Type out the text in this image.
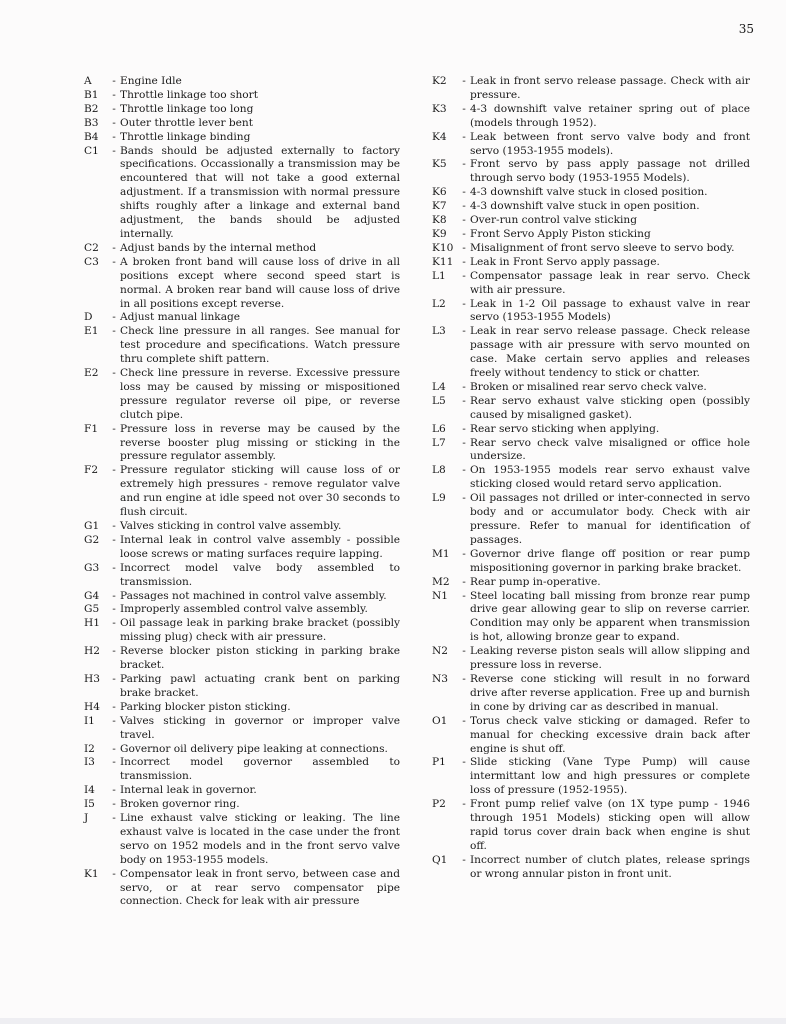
35
A	- Engine Idle
B1	- Throttle linkage too short
B2	- Throttle linkage too long
B3	- Outer throttle lever bent
B4	- Throttle linkage binding
C1	- Bands should be adjusted externally to factory specifications. Occassionally a transmission may be encountered that will not take a good external adjustment. If a transmission with normal pressure shifts roughly after a linkage and external band adjustment, the bands should be adjusted internally.
C2	- Adjust bands by the internal method
C3	- A broken front band will cause loss of drive in all positions except where second speed start is normal. A broken rear band will cause loss of drive in all positions except reverse.
D	- Adjust manual linkage
E1	- Check line pressure in all ranges. See manual for test procedure and specifications. Watch pressure thru complete shift pattern.
E2	- Check line pressure in reverse. Excessive pressure loss may be caused by missing or mispositioned pressure regulator reverse oil pipe, or reverse clutch pipe.
F1	- Pressure loss in reverse may be caused by the reverse booster plug missing or sticking in the pressure regulator assembly.
F2	- Pressure regulator sticking will cause loss of or extremely high pressures - remove regulator valve and run engine at idle speed not over 30 seconds to flush circuit.
G1	- Valves sticking in control valve assembly.
G2	- Internal leak in control valve assembly - possible loose screws or mating surfaces require lapping.
G3	- Incorrect model valve body assembled to transmission.
G4	- Passages not machined in control valve assembly.
G5	- Improperly assembled control valve assembly.
H1	- Oil passage leak in parking brake bracket (possibly missing plug) check with air pressure.
H2	- Reverse blocker piston sticking in parking brake bracket.
H3	- Parking pawl actuating crank bent on parking brake bracket.
H4	- Parking blocker piston sticking.
I1	- Valves sticking in governor or improper valve travel.
I2	- Governor oil delivery pipe leaking at connections.
I3	- Incorrect model governor assembled to transmission.
I4	- Internal leak in governor.
I5	- Broken governor ring.
J	- Line exhaust valve sticking or leaking. The line exhaust valve is located in the case under the front servo on 1952 models and in the front servo valve body on 1953-1955 models.
K1	- Compensator leak in front servo, between case and servo, or at rear servo compensator pipe connection. Check for leak with air pressure
K2	- Leak in front servo release passage. Check with air pressure.
K3	- 4-3 downshift valve retainer spring out of place (models through 1952).
K4	- Leak between front servo valve body and front servo (1953-1955 models).
K5	- Front servo by pass apply passage not drilled through servo body (1953-1955 Models).
K6	- 4-3 downshift valve stuck in closed position.
K7	- 4-3 downshift valve stuck in open position.
K8	- Over-run control valve sticking
K9	- Front Servo Apply Piston sticking
K10 - Misalignment of front servo sleeve to servo body.
K11 - Leak in Front Servo apply passage.
L1	- Compensator passage leak in rear servo. Check with air pressure.
L2	- Leak in 1-2 Oil passage to exhaust valve in rear servo (1953-1955 Models)
L3	- Leak in rear servo release passage. Check release passage with air pressure with servo mounted on case. Make certain servo applies and releases freely without tendency to stick or chatter.
L4	- Broken or misalined rear servo check valve.
L5	- Rear servo exhaust valve sticking open (possibly caused by misaligned gasket).
L6	- Rear servo sticking when applying.
L7	- Rear servo check valve misaligned or office hole undersize.
L8	- On 1953-1955 models rear servo exhaust valve sticking closed would retard servo application.
L9	- Oil passages not drilled or inter-connected in servo body and or accumulator body. Check with air pressure. Refer to manual for identification of passages.
M1	- Governor drive flange off position or rear pump mispositioning governor in parking brake bracket.
M2	- Rear pump in-operative.
N1	- Steel locating ball missing from bronze rear pump drive gear allowing gear to slip on reverse carrier. Condition may only be apparent when transmission is hot, allowing bronze gear to expand.
N2	- Leaking reverse piston seals will allow slipping and pressure loss in reverse.
N3	- Reverse cone sticking will result in no forward drive after reverse application. Free up and burnish in cone by driving car as described in manual.
O1	- Torus check valve sticking or damaged. Refer to manual for checking excessive drain back after engine is shut off.
P1	- Slide sticking (Vane Type Pump) will cause intermittant low and high pressures or complete loss of pressure (1952-1955).
P2	- Front pump relief valve (on 1X type pump - 1946 through 1951 Models) sticking open will allow rapid torus cover drain back when engine is shut off.
Q1	- Incorrect number of clutch plates, release springs or wrong annular piston in front unit.
